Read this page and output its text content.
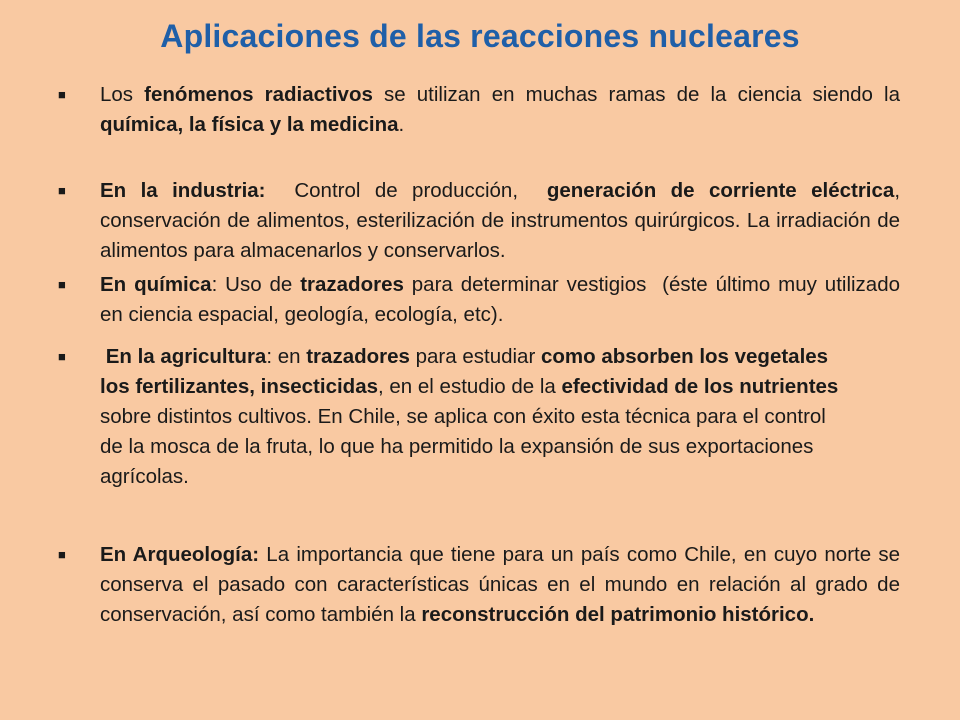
Aplicaciones de las reacciones nucleares
■ Los fenómenos radiactivos se utilizan en muchas ramas de la ciencia siendo la química, la física y la medicina.
■ En la industria:  Control de producción,  generación de corriente eléctrica, conservación de alimentos, esterilización de instrumentos quirúrgicos. La irradiación de alimentos para almacenarlos y conservarlos.
■ En química: Uso de trazadores para determinar vestigios  (éste último muy utilizado en ciencia espacial, geología, ecología, etc).
■ En la agricultura: en trazadores para estudiar como absorben los vegetales los fertilizantes, insecticidas, en el estudio de la efectividad de los nutrientes sobre distintos cultivos. En Chile, se aplica con éxito esta técnica para el control de la mosca de la fruta, lo que ha permitido la expansión de sus exportaciones agrícolas.
■ En Arqueología: La importancia que tiene para un país como Chile, en cuyo norte se conserva el pasado con características únicas en el mundo en relación al grado de conservación, así como también la reconstrucción del patrimonio histórico.
